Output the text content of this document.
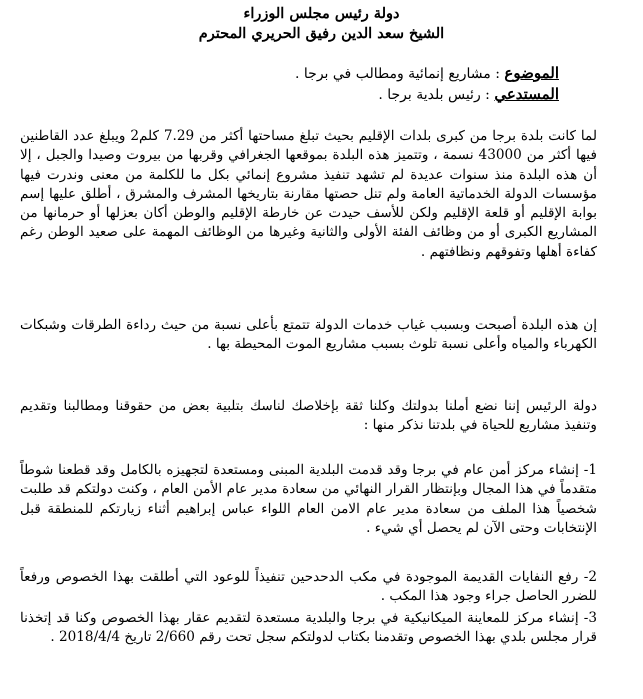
دولة رئيس مجلس الوزراء
الشيخ سعد الدين رفيق الحريري المحترم
الموضوع : مشاريع إنمائية ومطالب في برجا .
المستدعي : رئيس بلدية برجا .
لما كانت بلدة برجا من كبرى بلدات الإقليم بحيث تبلغ مساحتها أكثر من 7.29 كلم2 ويبلغ عدد القاطنين فيها أكثر من 43000 نسمة ، وتتميز هذه البلدة بموقعها الجغرافي وقربها من بيروت وصيدا والجبل ، إلا أن هذه البلدة منذ سنوات عديدة لم تشهد تنفيذ مشروع إنمائي بكل ما للكلمة من معنى وندرت فيها مؤسسات الدولة الخدماتية العامة ولم تنل حصتها مقارنة بتاريخها المشرف والمشرق ، أطلق عليها إسم بوابة الإقليم أو قلعة الإقليم ولكن للأسف حيدت عن خارطة الإقليم والوطن أكان بعزلها أو حرمانها من المشاريع الكبرى أو من وظائف الفئة الأولى والثانية وغيرها من الوظائف المهمة على صعيد الوطن رغم كفاءة أهلها وتفوقهم ونظافتهم .
إن هذه البلدة أصبحت وبسبب غياب خدمات الدولة تتمتع بأعلى نسبة من حيث رداءة الطرقات وشبكات الكهرباء والمياه وأعلى نسبة تلوث بسبب مشاريع الموت المحيطة بها .
دولة الرئيس إننا نضع أملنا بدولتك وكلنا ثقة بإخلاصك لناسك بتلبية بعض من حقوقنا ومطالبنا وتقديم وتنفيذ مشاريع للحياة في بلدتنا نذكر منها :
1- إنشاء مركز أمن عام في برجا وقد قدمت البلدية المبنى ومستعدة لتجهيزه بالكامل وقد قطعنا شوطاً متقدماً في هذا المجال وبإنتظار القرار النهائي من سعادة مدير عام الأمن العام ، وكنت دولتكم قد طلبت شخصياً هذا الملف من سعادة مدير عام الامن العام اللواء عباس إبراهيم أثناء زيارتكم للمنطقة قبل الإنتخابات وحتى الآن لم يحصل أي شيء .
2- رفع النفايات القديمة الموجودة في مكب الدحدحين تنفيذاً للوعود التي أطلقت بهذا الخصوص ورفعاً للضرر الحاصل جراء وجود هذا المكب .
3- إنشاء مركز للمعاينة الميكانيكية في برجا والبلدية مستعدة لتقديم عقار بهذا الخصوص وكنا قد إتخذنا قرار مجلس بلدي بهذا الخصوص وتقدمنا بكتاب لدولتكم سجل تحت رقم 2/660 تاريخ 2018/4/4 .
